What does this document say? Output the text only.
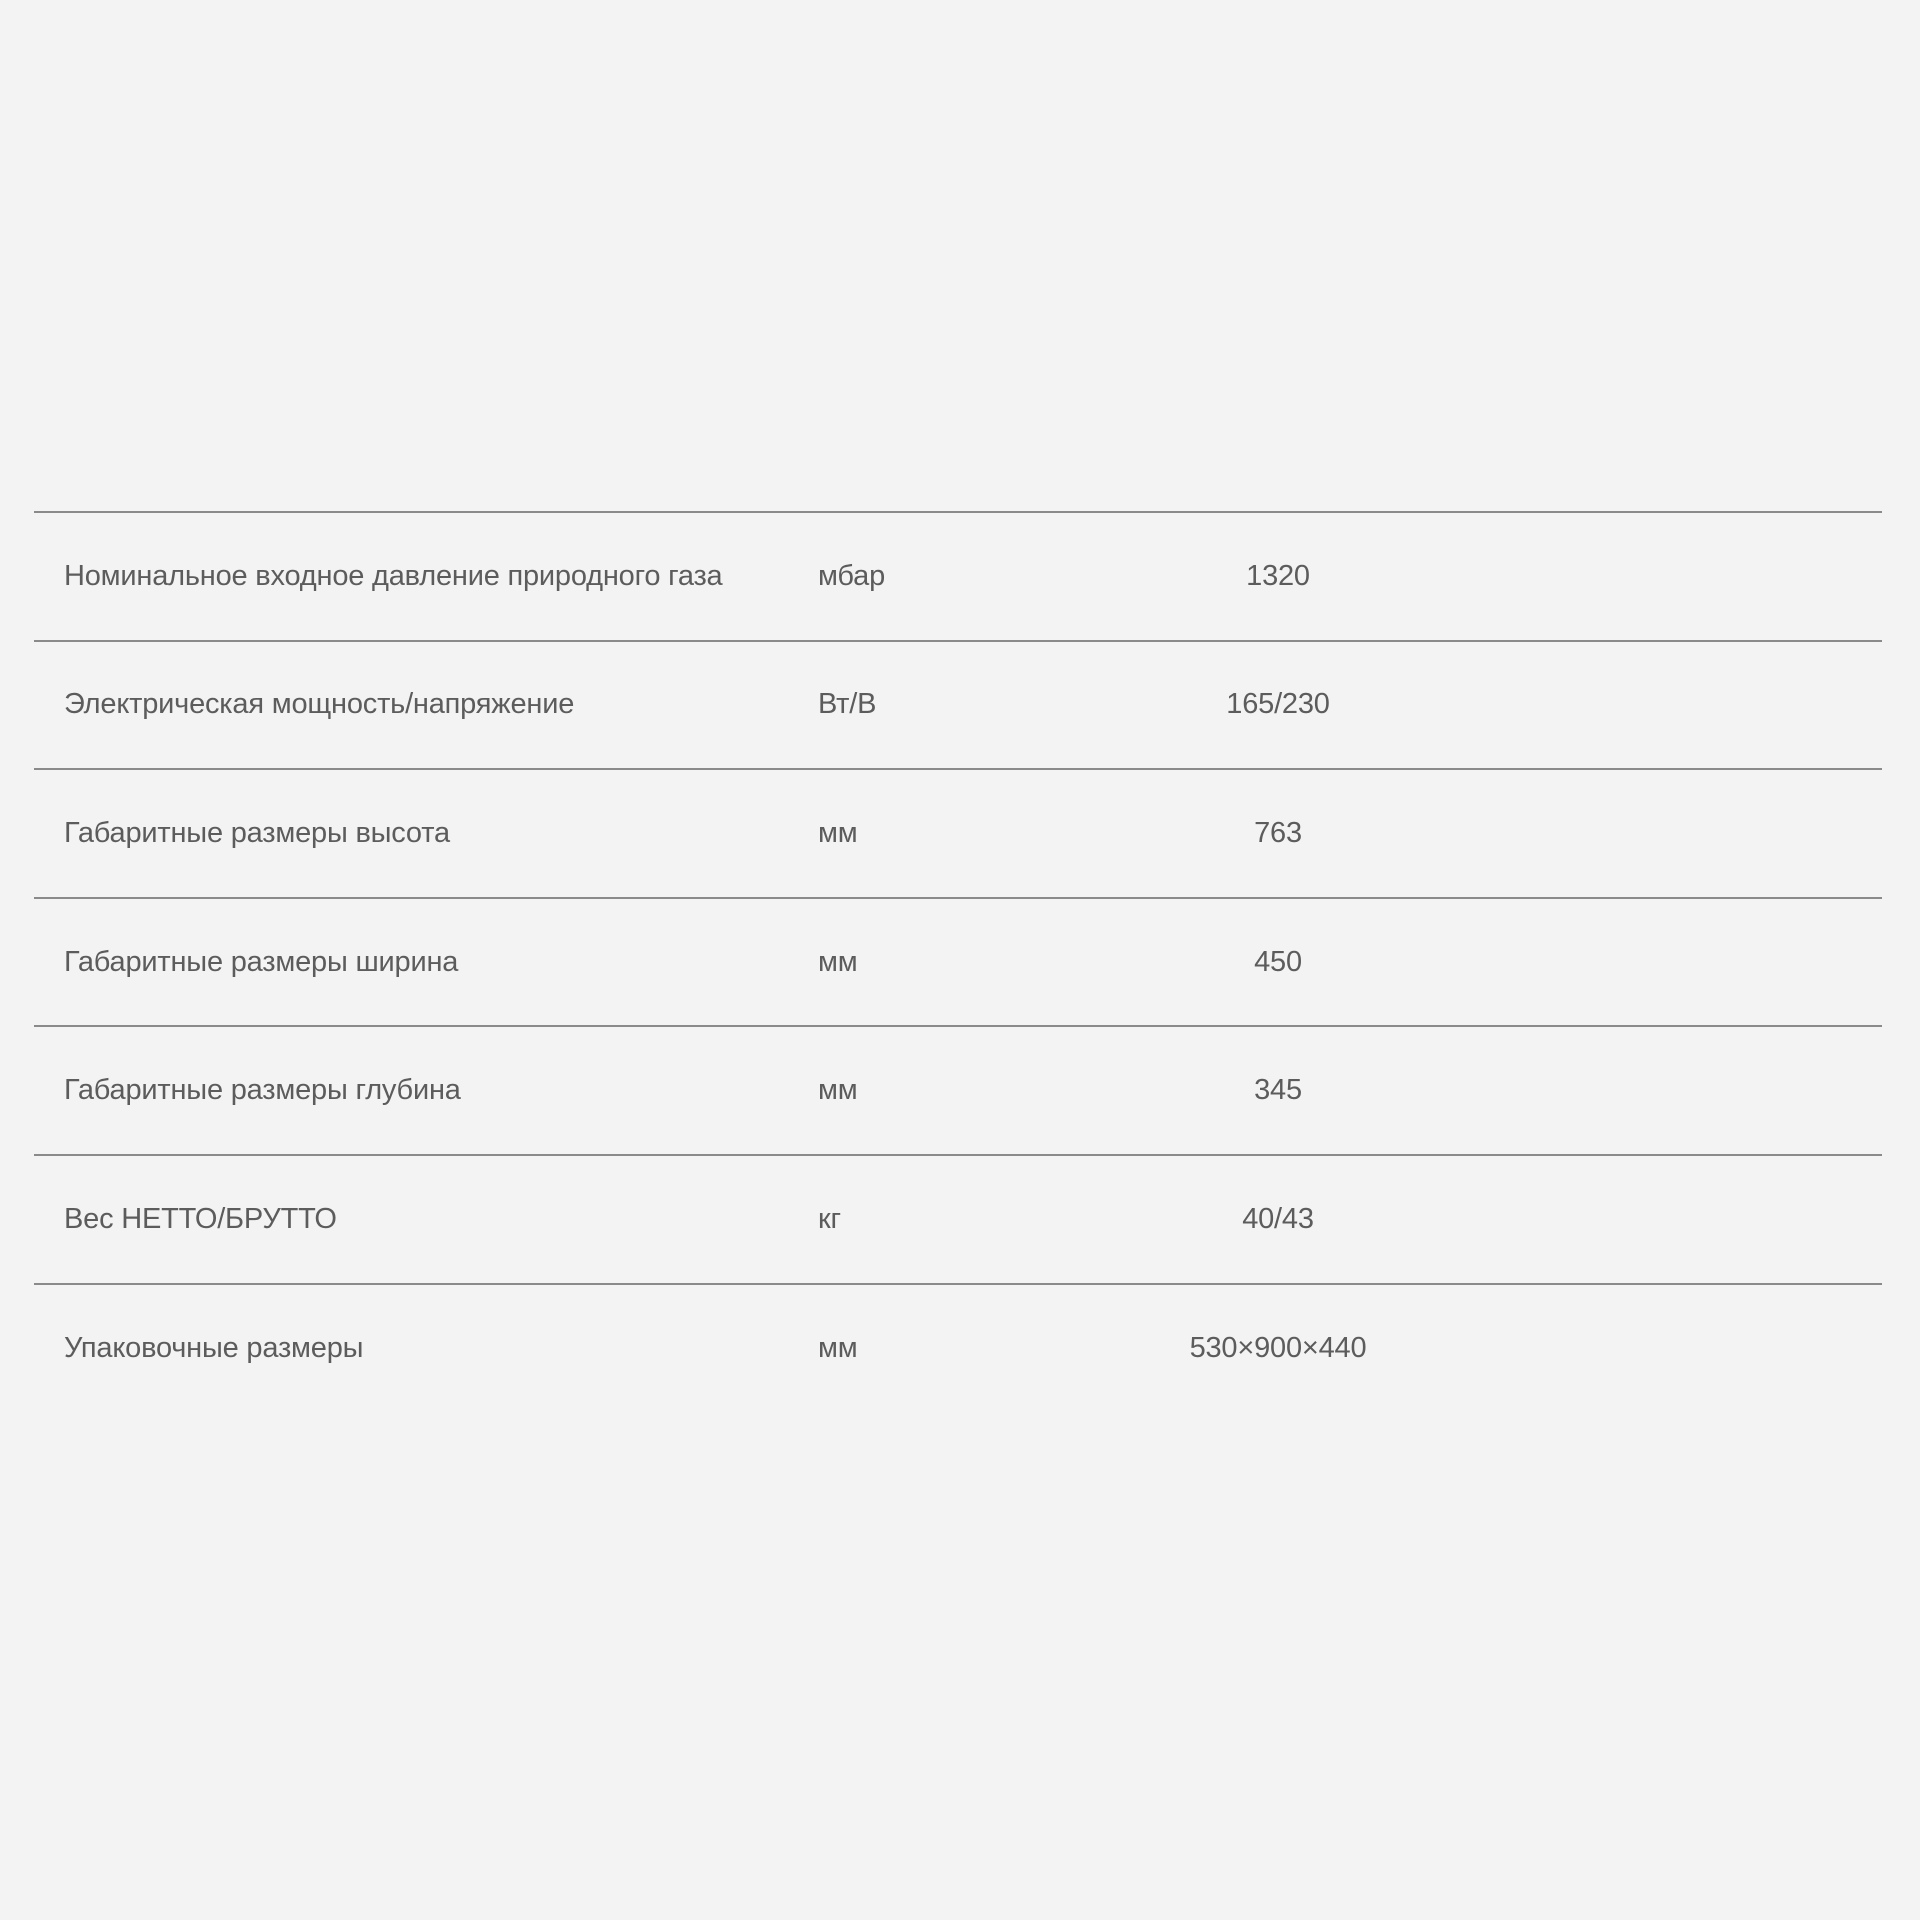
Номинальное входное давление природного газа	мбар	1320
Электрическая мощность/напряжение	Вт/В	165/230
Габаритные размеры высота	мм	763
Габаритные размеры ширина	мм	450
Габаритные размеры глубина	мм	345
Вес НЕТТО/БРУТТО	кг	40/43
Упаковочные размеры	мм	530×900×440
